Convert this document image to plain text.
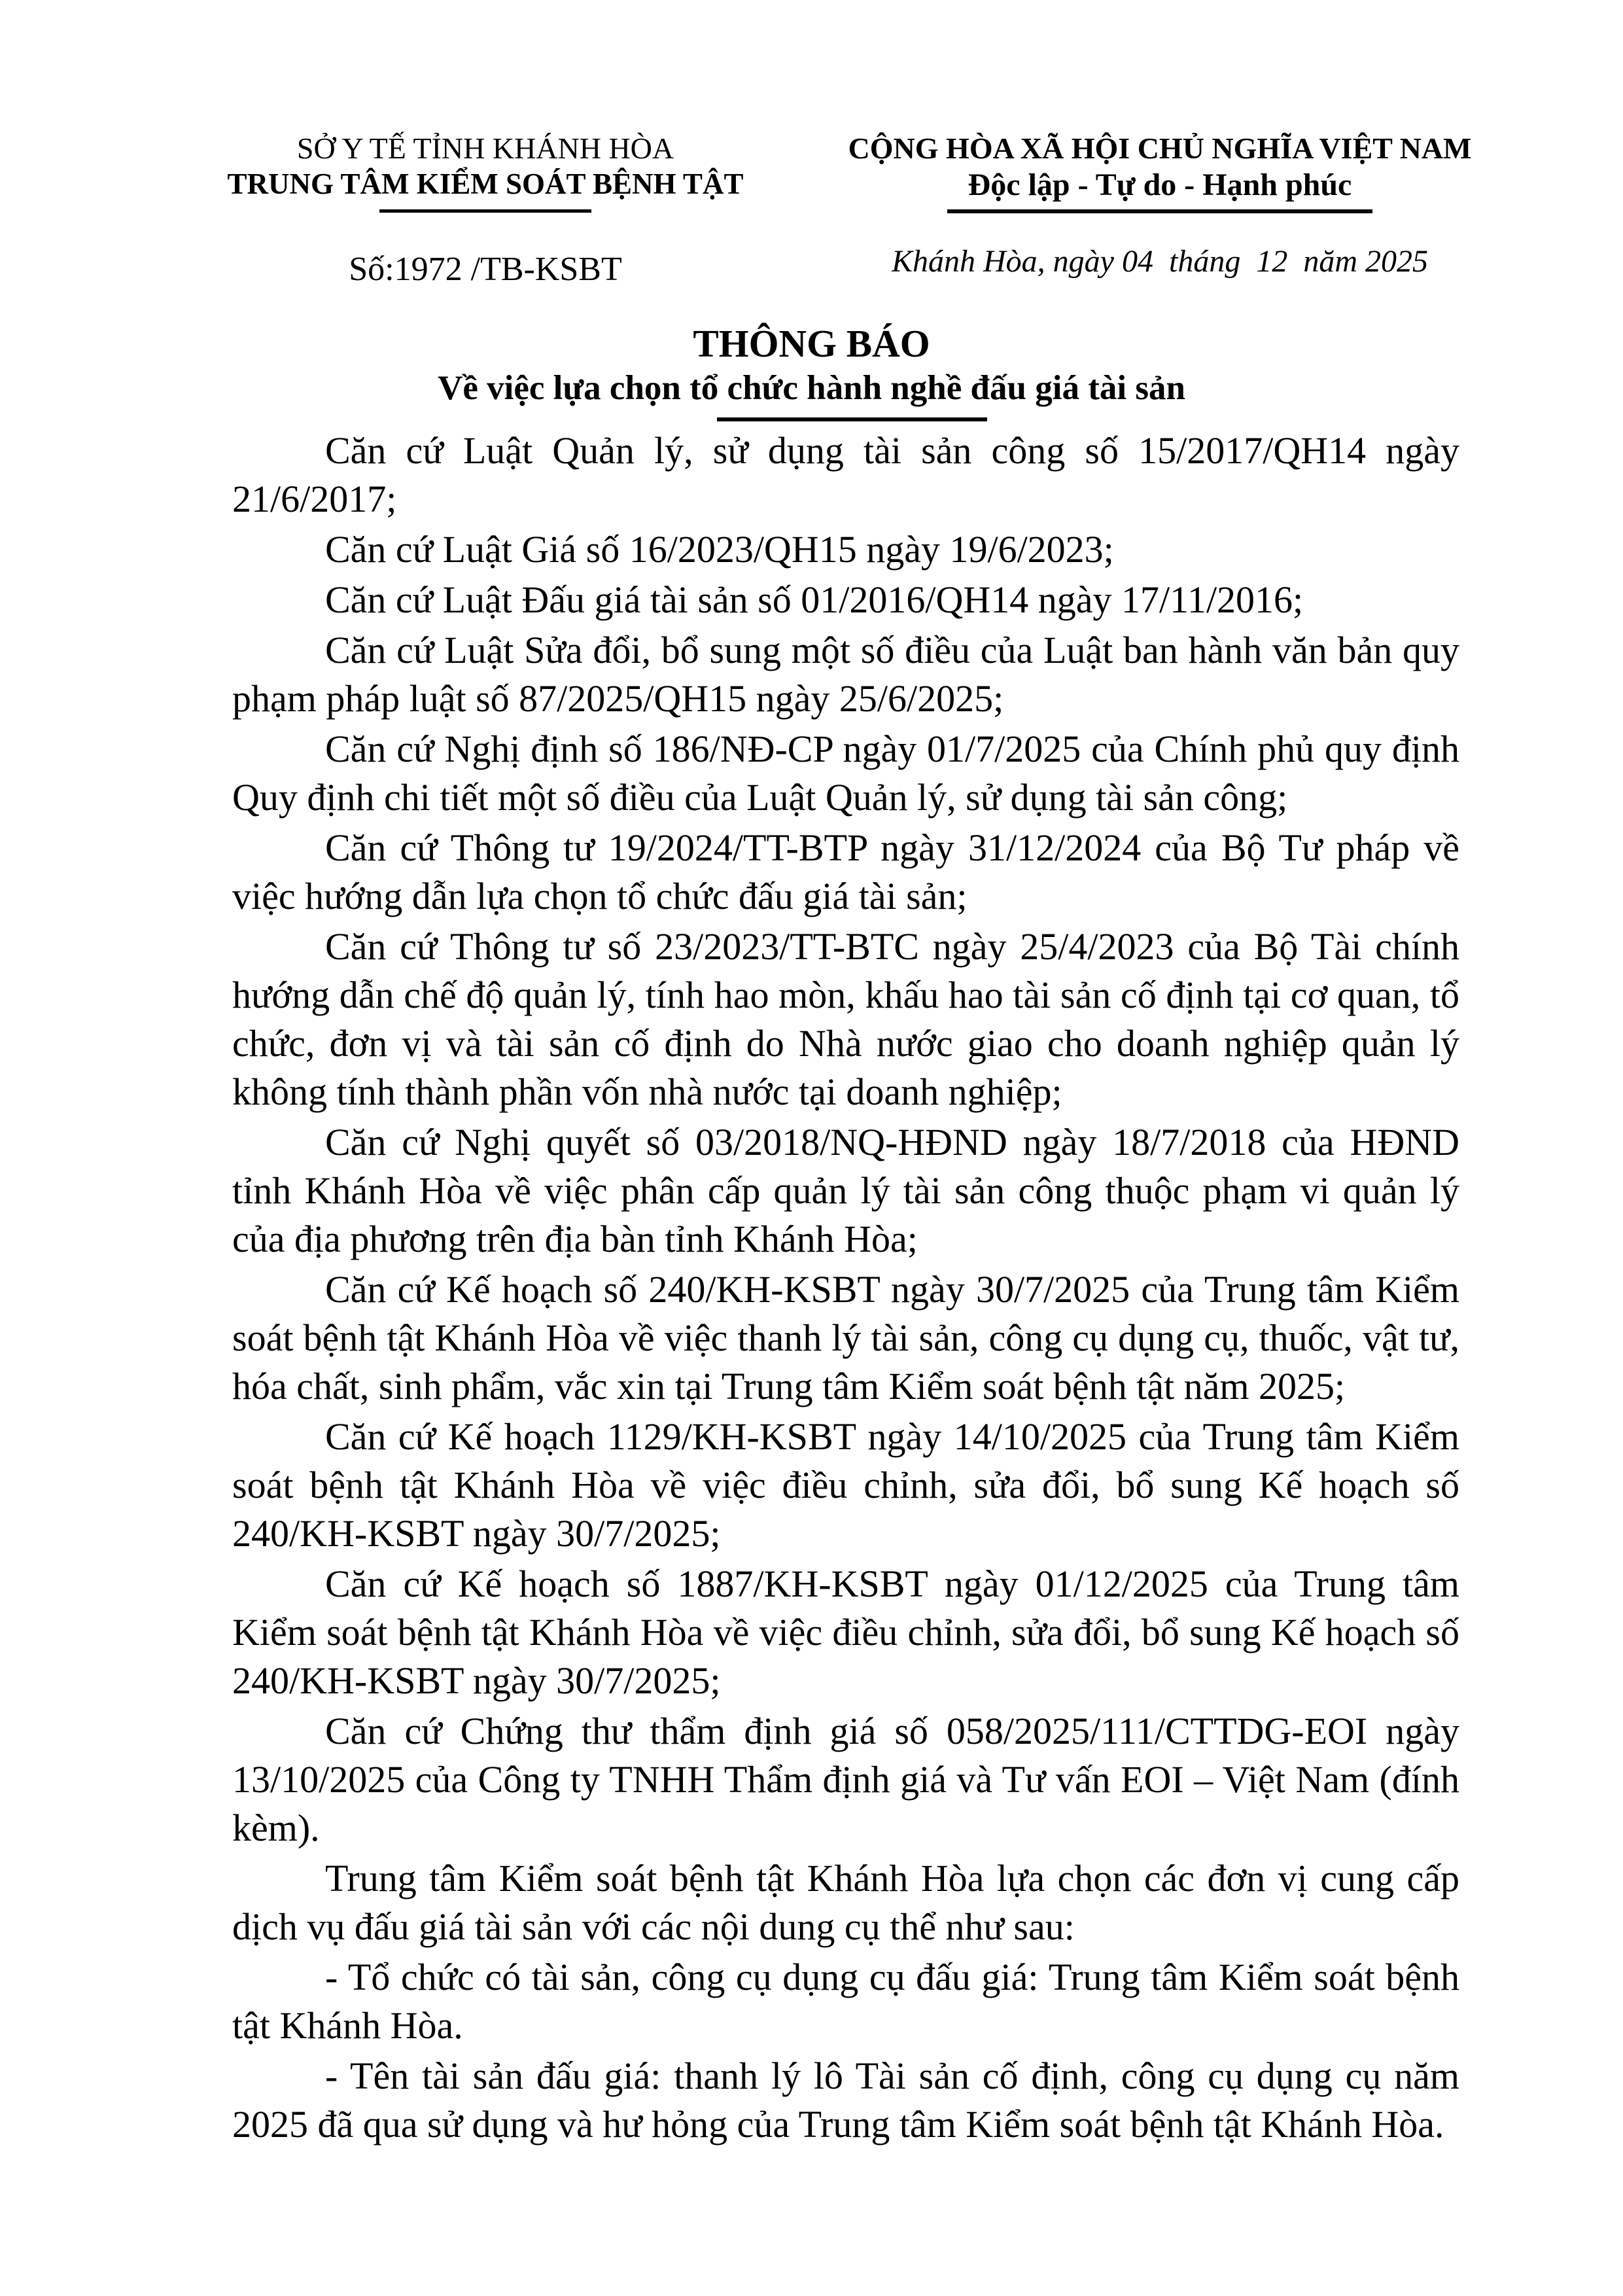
SỞ Y TẾ TỈNH KHÁNH HÒA
TRUNG TÂM KIỂM SOÁT BỆNH TẬT
Số:1972 /TB-KSBT
CỘNG HÒA XÃ HỘI CHỦ NGHĨA VIỆT NAM
Độc lập - Tự do - Hạnh phúc
Khánh Hòa, ngày 04  tháng  12  năm 2025
THÔNG BÁO
Về việc lựa chọn tổ chức hành nghề đấu giá tài sản

Căn cứ Luật Quản lý, sử dụng tài sản công số 15/2017/QH14 ngày 21/6/2017;

Căn cứ Luật Giá số 16/2023/QH15 ngày 19/6/2023;

Căn cứ Luật Đấu giá tài sản số 01/2016/QH14 ngày 17/11/2016;

Căn cứ Luật Sửa đổi, bổ sung một số điều của Luật ban hành văn bản quy phạm pháp luật số 87/2025/QH15 ngày 25/6/2025;

Căn cứ Nghị định số 186/NĐ-CP ngày 01/7/2025 của Chính phủ quy định Quy định chi tiết một số điều của Luật Quản lý, sử dụng tài sản công;

Căn cứ Thông tư 19/2024/TT-BTP ngày 31/12/2024 của Bộ Tư pháp về việc hướng dẫn lựa chọn tổ chức đấu giá tài sản;

Căn cứ Thông tư số 23/2023/TT-BTC ngày 25/4/2023 của Bộ Tài chính hướng dẫn chế độ quản lý, tính hao mòn, khấu hao tài sản cố định tại cơ quan, tổ chức, đơn vị và tài sản cố định do Nhà nước giao cho doanh nghiệp quản lý không tính thành phần vốn nhà nước tại doanh nghiệp;

Căn cứ Nghị quyết số 03/2018/NQ-HĐND ngày 18/7/2018 của HĐND tỉnh Khánh Hòa về việc phân cấp quản lý tài sản công thuộc phạm vi quản lý của địa phương trên địa bàn tỉnh Khánh Hòa;

Căn cứ Kế hoạch số 240/KH-KSBT ngày 30/7/2025 của Trung tâm Kiểm soát bệnh tật Khánh Hòa về việc thanh lý tài sản, công cụ dụng cụ, thuốc, vật tư, hóa chất, sinh phẩm, vắc xin tại Trung tâm Kiểm soát bệnh tật năm 2025;

Căn cứ Kế hoạch 1129/KH-KSBT ngày 14/10/2025 của Trung tâm Kiểm soát bệnh tật Khánh Hòa về việc điều chỉnh, sửa đổi, bổ sung Kế hoạch số 240/KH-KSBT ngày 30/7/2025;

Căn cứ Kế hoạch số 1887/KH-KSBT ngày 01/12/2025 của Trung tâm Kiểm soát bệnh tật Khánh Hòa về việc điều chỉnh, sửa đổi, bổ sung Kế hoạch số 240/KH-KSBT ngày 30/7/2025;

Căn cứ Chứng thư thẩm định giá số 058/2025/111/CTTDG-EOI ngày 13/10/2025 của Công ty TNHH Thẩm định giá và Tư vấn EOI – Việt Nam (đính kèm).

Trung tâm Kiểm soát bệnh tật Khánh Hòa lựa chọn các đơn vị cung cấp dịch vụ đấu giá tài sản với các nội dung cụ thể như sau:

- Tổ chức có tài sản, công cụ dụng cụ đấu giá: Trung tâm Kiểm soát bệnh tật Khánh Hòa.

- Tên tài sản đấu giá: thanh lý lô Tài sản cố định, công cụ dụng cụ năm 2025 đã qua sử dụng và hư hỏng của Trung tâm Kiểm soát bệnh tật Khánh Hòa.
